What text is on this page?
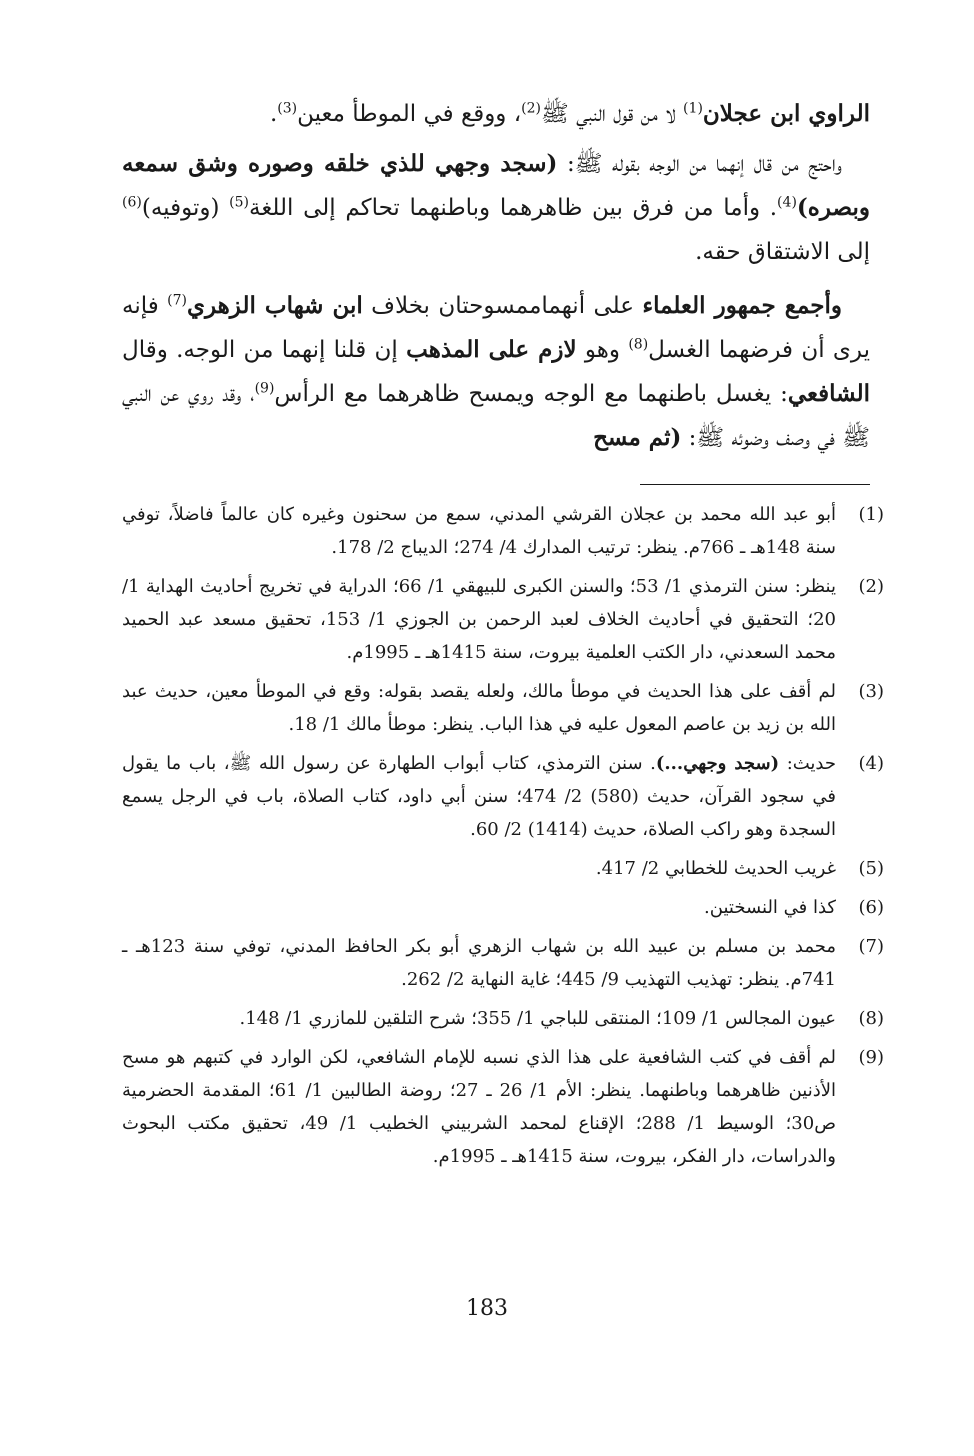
الراوي ابن عجلان$^{(1)}$ لا من قول النبي ﷺ$^{(2)}$، ووقع في الموطأ معين$^{(3)}$.

واحتج من قال إنهما من الوجه بقوله ﷺ: (سجد وجهي للذي خلقه وصوره وشق سمعه وبصره)$^{(4)}$. وأما من فرق بين ظاهرهما وباطنهما تحاكم إلى اللغة$^{(5)}$ (وتوفيه)$^{(6)}$ إلى الاشتقاق حقه.

وأجمع جمهور العلماء على أنهماممسوحتان بخلاف ابن شهاب الزهري$^{(7)}$ فإنه يرى أن فرضهما الغسل$^{(8)}$ وهو لازم على المذهب إن قلنا إنهما من الوجه. وقال الشافعي: يغسل باطنهما مع الوجه ويمسح ظاهرهما مع الرأس$^{(9)}$، وقد روي عن النبي ﷺ في وصف وضوئه ﷺ: (ثم مسح

(1)
أبو عبد الله محمد بن عجلان القرشي المدني، سمع من سحنون وغيره كان عالماً فاضلاً، توفي سنة 148هـ ـ 766م. ينظر: ترتيب المدارك 4/ 274؛ الديباج 2/ 178.
(2)
ينظر: سنن الترمذي 1/ 53؛ والسنن الكبرى للبيهقي 1/ 66؛ الدراية في تخريج أحاديث الهداية 1/ 20؛ التحقيق في أحاديث الخلاف لعبد الرحمن بن الجوزي 1/ 153، تحقيق مسعد عبد الحميد محمد السعدني، دار الكتب العلمية بيروت، سنة 1415هـ ـ 1995م.
(3)
لم أقف على هذا الحديث في موطأ مالك، ولعله يقصد بقوله: وقع في الموطأ معين، حديث عبد الله بن زيد بن عاصم المعول عليه في هذا الباب. ينظر: موطأ مالك 1/ 18.
(4)
حديث: (سجد وجهي...). سنن الترمذي، كتاب أبواب الطهارة عن رسول الله ﷺ، باب ما يقول في سجود القرآن، حديث (580) 2/ 474؛ سنن أبي داود، كتاب الصلاة، باب في الرجل يسمع السجدة وهو راكب الصلاة، حديث (1414) 2/ 60.
(5)
غريب الحديث للخطابي 2/ 417.
(6)
كذا في النسختين.
(7)
محمد بن مسلم بن عبيد الله بن شهاب الزهري أبو بكر الحافظ المدني، توفي سنة 123هـ ـ 741م. ينظر: تهذيب التهذيب 9/ 445؛ غاية النهاية 2/ 262.
(8)
عيون المجالس 1/ 109؛ المنتقى للباجي 1/ 355؛ شرح التلقين للمازري 1/ 148.
(9)
لم أقف في كتب الشافعية على هذا الذي نسبه للإمام الشافعي، لكن الوارد في كتبهم هو مسح الأذنين ظاهرهما وباطنهما. ينظر: الأم 1/ 26 ـ 27؛ روضة الطالبين 1/ 61؛ المقدمة الحضرمية ص30؛ الوسيط 1/ 288؛ الإقناع لمحمد الشربيني الخطيب 1/ 49، تحقيق مكتب البحوث والدراسات، دار الفكر، بيروت، سنة 1415هـ ـ 1995م.
183
